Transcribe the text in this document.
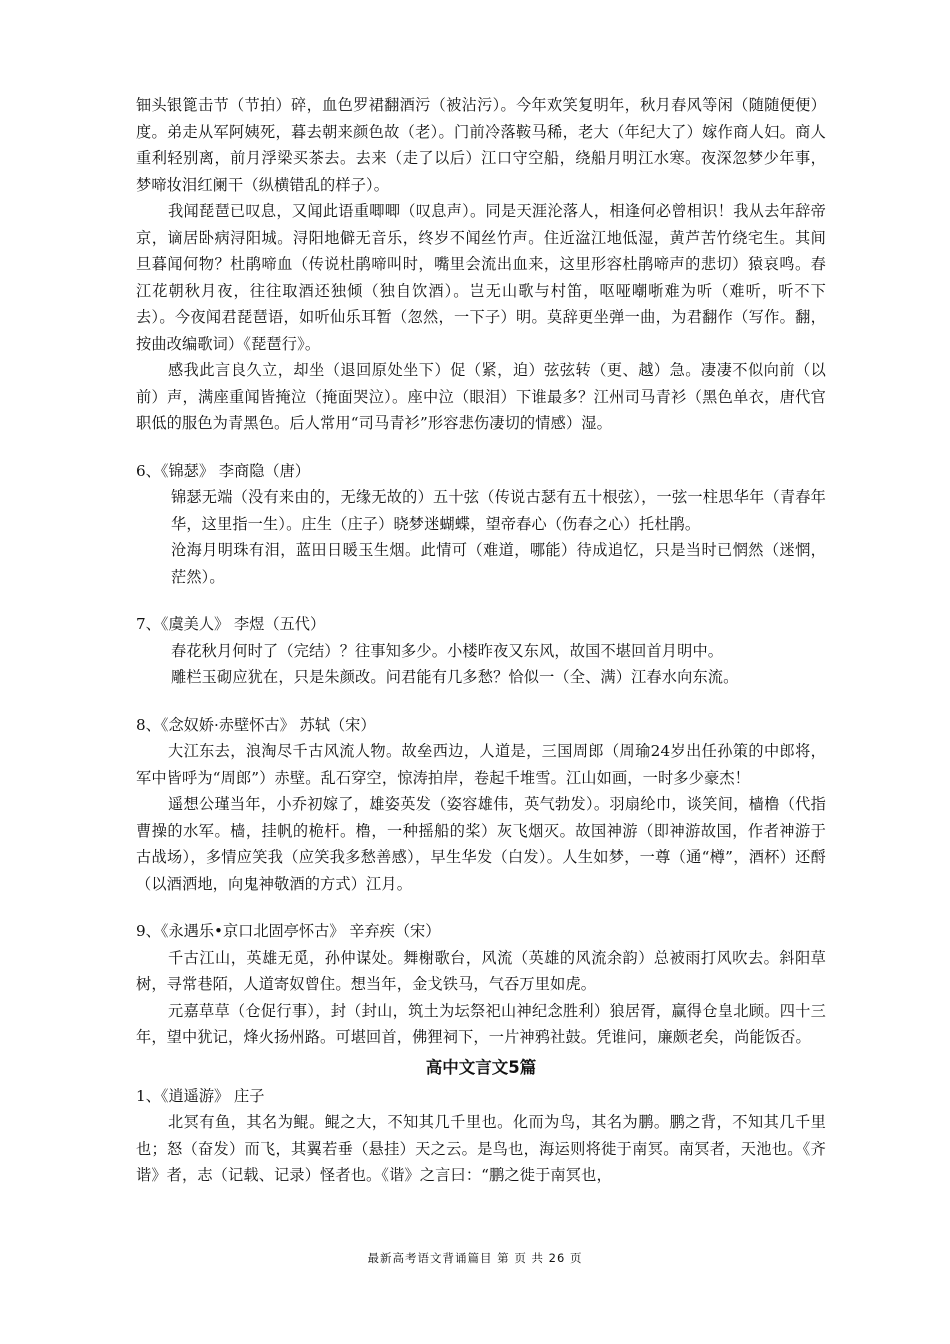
钿头银篦击节（节拍）碎，血色罗裙翻酒污（被沾污）。今年欢笑复明年，秋月春风等闲（随随便便）度。弟走从军阿姨死，暮去朝来颜色故（老）。门前冷落鞍马稀，老大（年纪大了）嫁作商人妇。商人重利轻别离，前月浮梁买茶去。去来（走了以后）江口守空船，绕船月明江水寒。夜深忽梦少年事，梦啼妆泪红阑干（纵横错乱的样子）。

我闻琵琶已叹息，又闻此语重唧唧（叹息声）。同是天涯沦落人，相逢何必曾相识！我从去年辞帝京，谪居卧病浔阳城。浔阳地僻无音乐，终岁不闻丝竹声。住近湓江地低湿，黄芦苦竹绕宅生。其间旦暮闻何物？杜鹃啼血（传说杜鹃啼叫时，嘴里会流出血来，这里形容杜鹃啼声的悲切）猿哀鸣。春江花朝秋月夜，往往取酒还独倾（独自饮酒）。岂无山歌与村笛，呕哑嘲哳难为听（难听，听不下去）。今夜闻君琵琶语，如听仙乐耳暂（忽然，一下子）明。莫辞更坐弹一曲，为君翻作（写作。翻，按曲改编歌词）《琵琶行》。

感我此言良久立，却坐（退回原处坐下）促（紧，迫）弦弦转（更、越）急。凄凄不似向前（以前）声，满座重闻皆掩泣（掩面哭泣）。座中泣（眼泪）下谁最多？江州司马青衫（黑色单衣，唐代官职低的服色为青黑色。后人常用“司马青衫”形容悲伤凄切的情感）湿。

6、《锦瑟》 李商隐（唐）

锦瑟无端（没有来由的，无缘无故的）五十弦（传说古瑟有五十根弦），一弦一柱思华年（青春年华，这里指一生）。庄生（庄子）晓梦迷蝴蝶，望帝春心（伤春之心）托杜鹃。

沧海月明珠有泪，蓝田日暖玉生烟。此情可（难道，哪能）待成追忆，只是当时已惘然（迷惘，茫然）。

7、《虞美人》 李煜（五代）

春花秋月何时了（完结）？往事知多少。小楼昨夜又东风，故国不堪回首月明中。

雕栏玉砌应犹在，只是朱颜改。问君能有几多愁？恰似一（全、满）江春水向东流。

8、《念奴娇·赤壁怀古》 苏轼（宋）

大江东去，浪淘尽千古风流人物。故垒西边，人道是，三国周郎（周瑜24岁出任孙策的中郎将，军中皆呼为“周郎”）赤壁。乱石穿空，惊涛拍岸，卷起千堆雪。江山如画，一时多少豪杰！

遥想公瑾当年，小乔初嫁了，雄姿英发（姿容雄伟，英气勃发）。羽扇纶巾，谈笑间，樯橹（代指曹操的水军。樯，挂帆的桅杆。橹，一种摇船的桨）灰飞烟灭。故国神游（即神游故国，作者神游于古战场），多情应笑我（应笑我多愁善感），早生华发（白发）。人生如梦，一尊（通“樽”，酒杯）还酹（以酒洒地，向鬼神敬酒的方式）江月。

9、《永遇乐•京口北固亭怀古》 辛弃疾（宋）

千古江山，英雄无觅，孙仲谋处。舞榭歌台，风流（英雄的风流余韵）总被雨打风吹去。斜阳草树，寻常巷陌，人道寄奴曾住。想当年，金戈铁马，气吞万里如虎。

元嘉草草（仓促行事），封（封山，筑土为坛祭祀山神纪念胜利）狼居胥，赢得仓皇北顾。四十三年，望中犹记，烽火扬州路。可堪回首，佛狸祠下，一片神鸦社鼓。凭谁问，廉颇老矣，尚能饭否。

高中文言文5篇

1、《逍遥游》 庄子

北冥有鱼，其名为鲲。鲲之大，不知其几千里也。化而为鸟，其名为鹏。鹏之背，不知其几千里也；怒（奋发）而飞，其翼若垂（悬挂）天之云。是鸟也，海运则将徙于南冥。南冥者，天池也。《齐谐》者，志（记载、记录）怪者也。《谐》之言曰：“鹏之徙于南冥也，

最新高考语文背诵篇目 第 页 共 26 页
